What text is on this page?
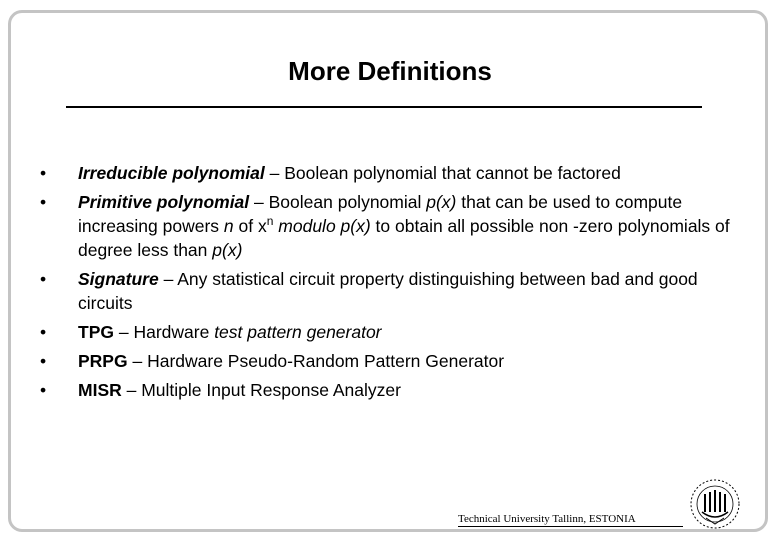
More Definitions
• Irreducible polynomial – Boolean polynomial that cannot be factored
• Primitive polynomial – Boolean polynomial p(x) that can be used to compute increasing powers n of $x^n$ modulo p(x) to obtain all possible non -zero polynomials of degree less than p(x)
• Signature – Any statistical circuit property distinguishing between bad and good circuits
• TPG – Hardware test pattern generator
• PRPG – Hardware Pseudo-Random Pattern Generator
• MISR – Multiple Input Response Analyzer
Technical University Tallinn, ESTONIA
